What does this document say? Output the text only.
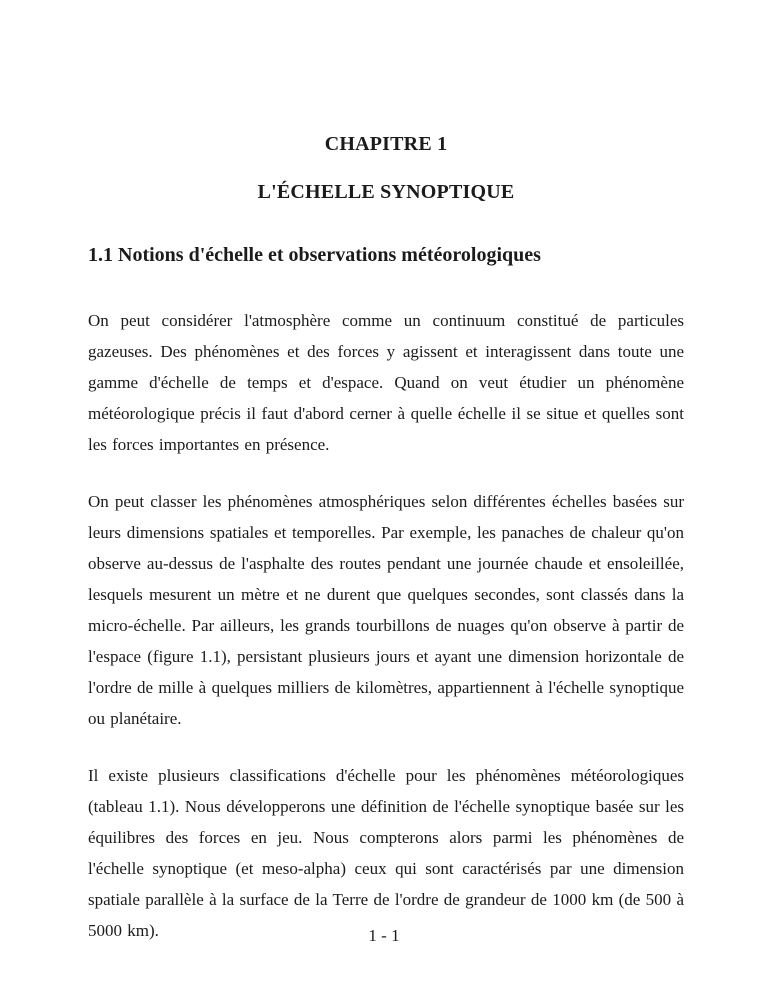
CHAPITRE 1
L'ÉCHELLE SYNOPTIQUE
1.1 Notions d'échelle et observations météorologiques

On peut considérer l'atmosphère comme un continuum constitué de particules gazeuses. Des phénomènes et des forces y agissent et interagissent dans toute une gamme d'échelle de temps et d'espace. Quand on veut étudier un phénomène météorologique précis il faut d'abord cerner à quelle échelle il se situe et quelles sont les forces importantes en présence.

On peut classer les phénomènes atmosphériques selon différentes échelles basées sur leurs dimensions spatiales et temporelles. Par exemple, les panaches de chaleur qu'on observe au-dessus de l'asphalte des routes pendant une journée chaude et ensoleillée, lesquels mesurent un mètre et ne durent que quelques secondes, sont classés dans la micro-échelle. Par ailleurs, les grands tourbillons de nuages qu'on observe à partir de l'espace (figure 1.1), persistant plusieurs jours et ayant une dimension horizontale de l'ordre de mille à quelques milliers de kilomètres, appartiennent à l'échelle synoptique ou planétaire.

Il existe plusieurs classifications d'échelle pour les phénomènes météorologiques (tableau 1.1). Nous développerons une définition de l'échelle synoptique basée sur les équilibres des forces en jeu. Nous compterons alors parmi les phénomènes de l'échelle synoptique (et meso-alpha) ceux qui sont caractérisés par une dimension spatiale parallèle à la surface de la Terre de l'ordre de grandeur de 1000 km (de 500 à 5000 km).	1 - 1
